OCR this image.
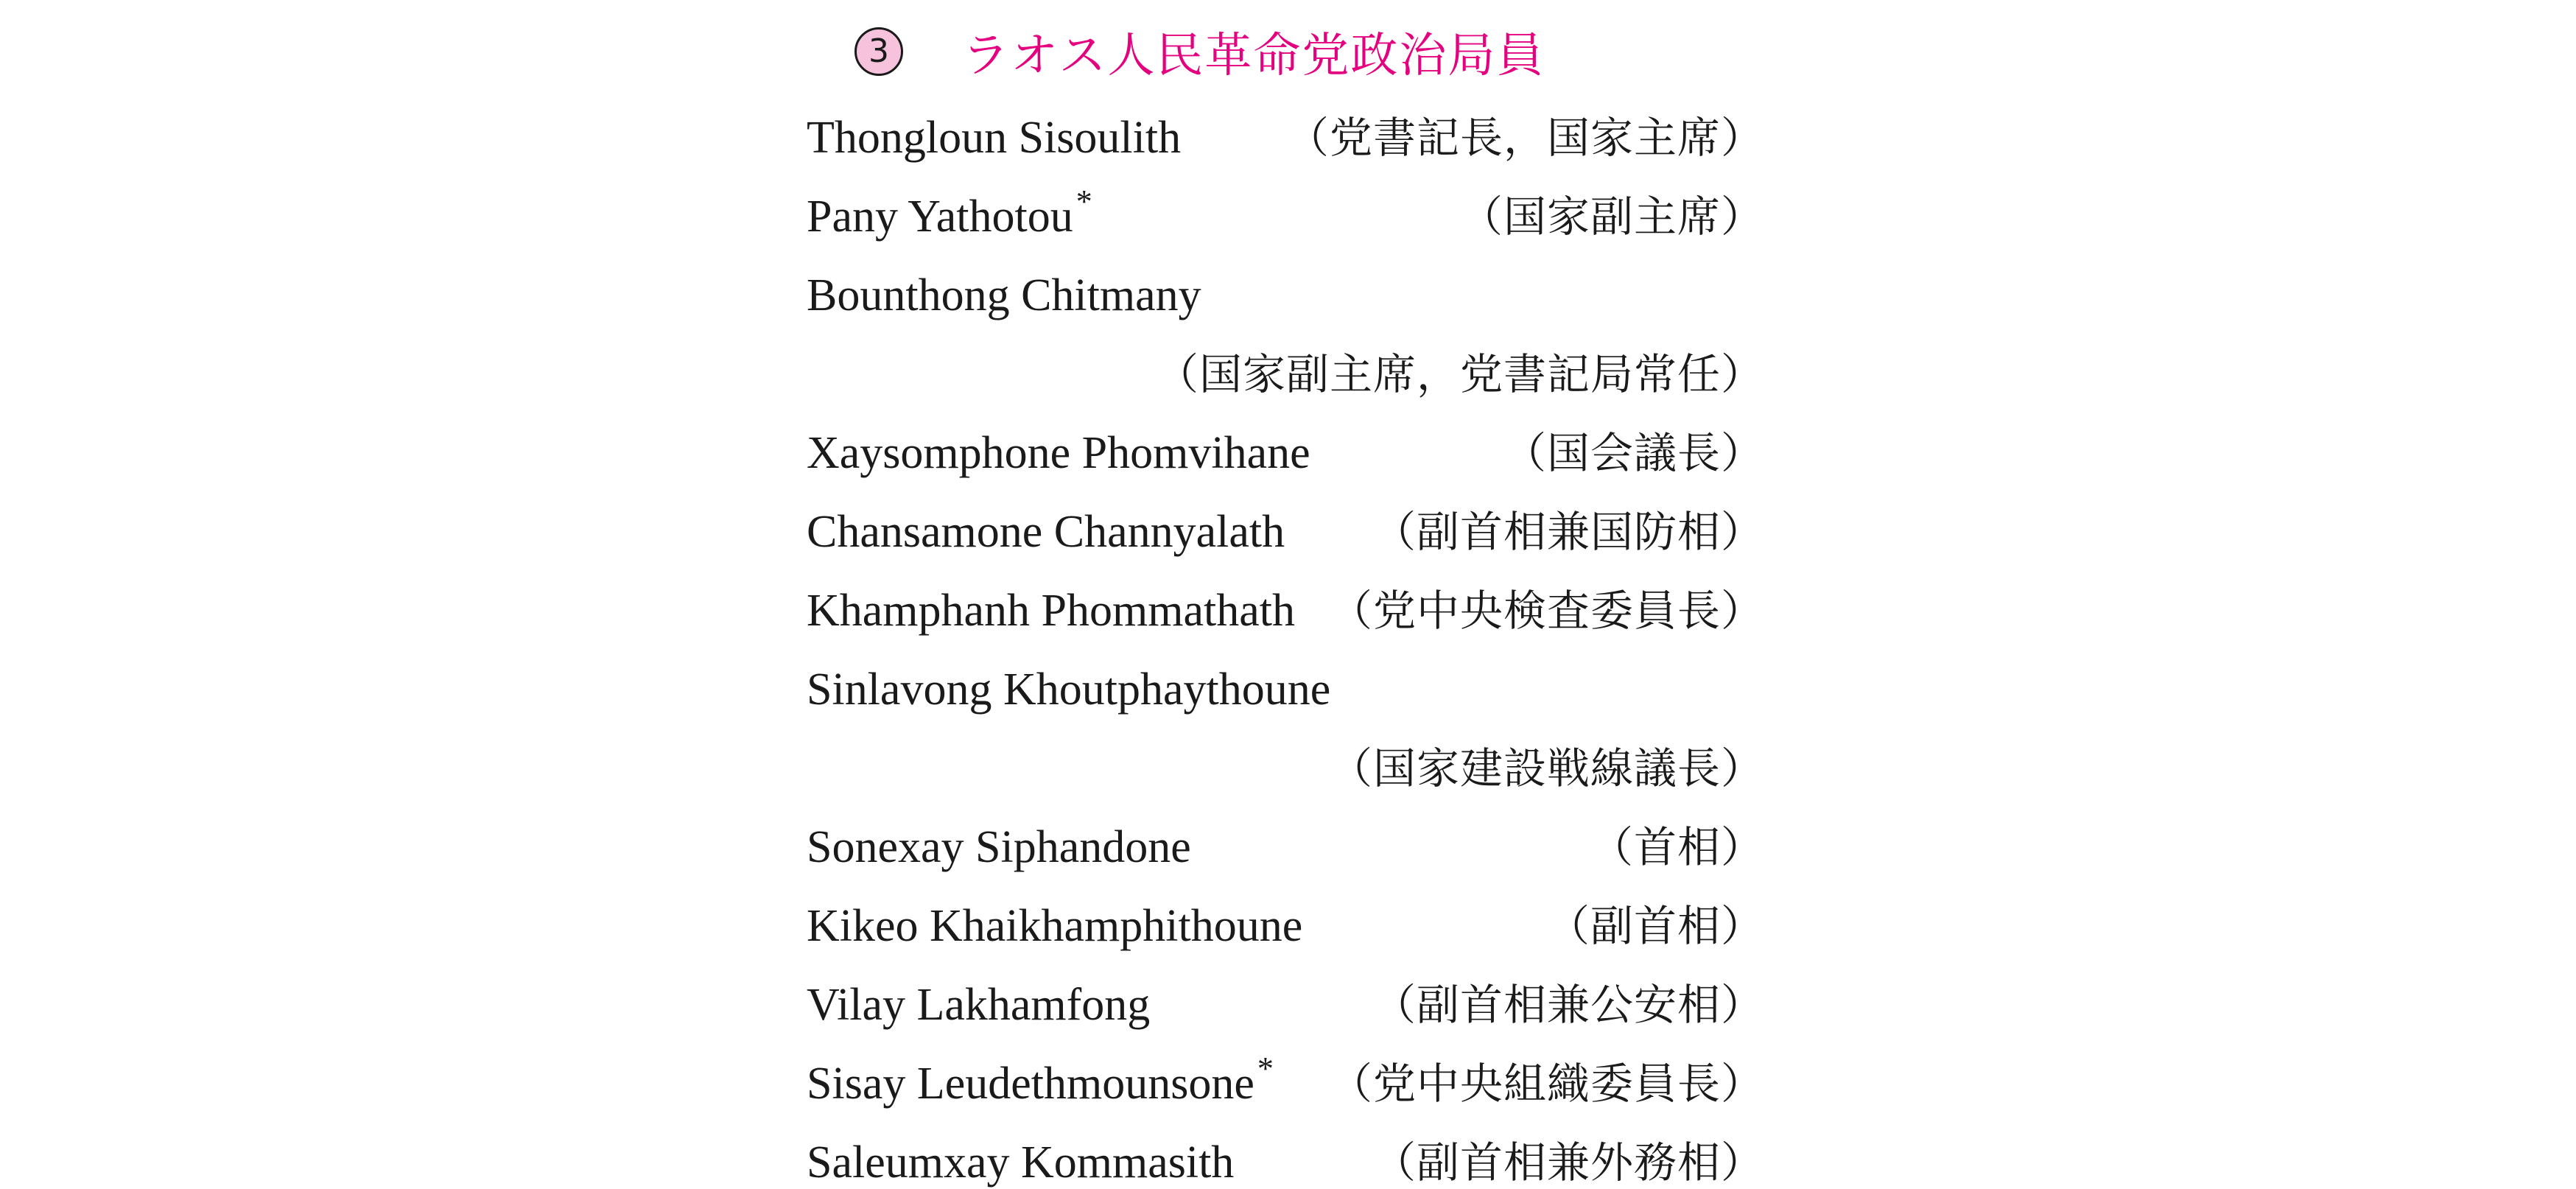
3 ラオス人民革命党政治局員
Thongloun Sisoulith （党書記長，国家主席）
Pany Yathotou*	（国家副主席）
Bounthong Chitmany
（国家副主席，党書記局常任）
Xaysomphone Phomvihane	（国会議長）
Chansamone Channyalath （副首相兼国防相）
Khamphanh Phommathath （党中央検査委員長）
Sinlavong Khoutphaythoune
（国家建設戦線議長）
Sonexay Siphandone	（首相）
Kikeo Khaikhamphithoune	（副首相）
Vilay Lakhamfong	（副首相兼公安相）
Sisay Leudethmounsone* （党中央組織委員長）
Saleumxay Kommasith	（副首相兼外務相）
